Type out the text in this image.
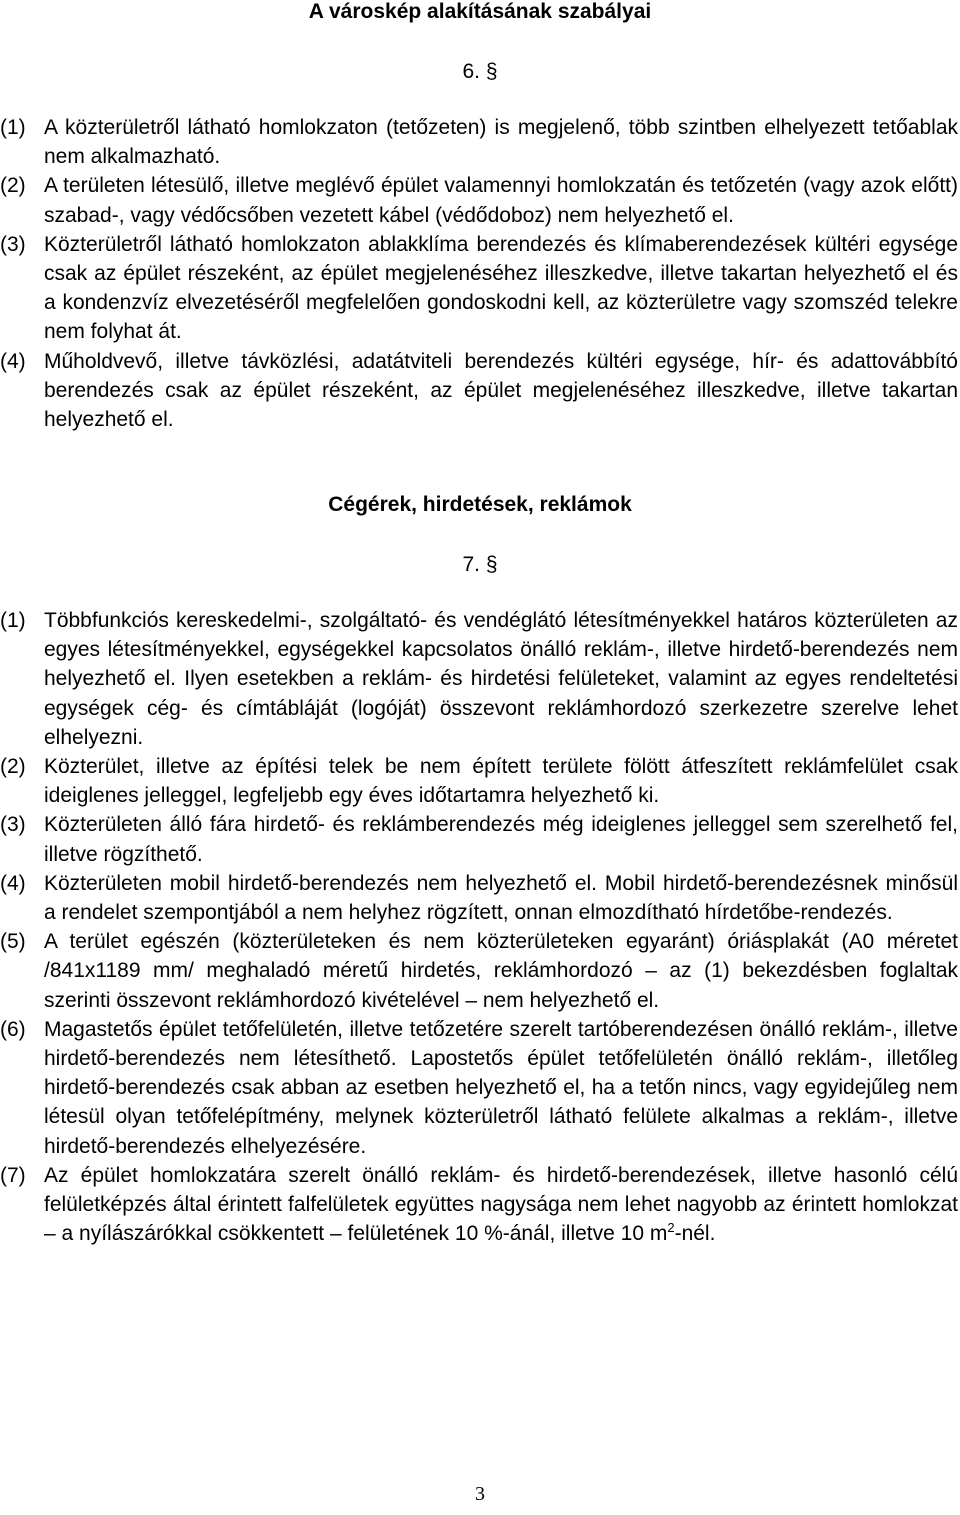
A városkép alakításának szabályai
6. §
(1) A közterületről látható homlokzaton (tetőzeten) is megjelenő, több szintben elhelyezett tetőablak nem alkalmazható.
(2) A területen létesülő, illetve meglévő épület valamennyi homlokzatán és tetőzetén (vagy azok előtt) szabad-, vagy védőcsőben vezetett kábel (védődoboz) nem helyezhető el.
(3) Közterületről látható homlokzaton ablakklíma berendezés és klímaberendezések kültéri egysége csak az épület részeként, az épület megjelenéséhez illeszkedve, illetve takartan helyezhető el és a kondenzvíz elvezetéséről megfelelően gondoskodni kell, az közterületre vagy szomszéd telekre nem folyhat át.
(4) Műholdvevő, illetve távközlési, adatátviteli berendezés kültéri egysége, hír- és adattovábbító berendezés csak az épület részeként, az épület megjelenéséhez illeszkedve, illetve takartan helyezhető el.
Cégérek, hirdetések, reklámok
7. §
(1) Többfunkciós kereskedelmi-, szolgáltató- és vendéglátó létesítményekkel határos közterületen az egyes létesítményekkel, egységekkel kapcsolatos önálló reklám-, illetve hirdető-berendezés nem helyezhető el. Ilyen esetekben a reklám- és hirdetési felületeket, valamint az egyes rendeltetési egységek cég- és címtábláját (logóját) összevont reklámhordozó szerkezetre szerelve lehet elhelyezni.
(2) Közterület, illetve az építési telek be nem épített területe fölött átfeszített reklámfelület csak ideiglenes jelleggel, legfeljebb egy éves időtartamra helyezhető ki.
(3) Közterületen álló fára hirdető- és reklámberendezés még ideiglenes jelleggel sem szerelhető fel, illetve rögzíthető.
(4) Közterületen mobil hirdető-berendezés nem helyezhető el. Mobil hirdető-berendezésnek minősül a rendelet szempontjából a nem helyhez rögzített, onnan elmozdítható hírdetőbe-rendezés.
(5) A terület egészén (közterületeken és nem közterületeken egyaránt) óriásplakát (A0 méretet /841x1189 mm/ meghaladó méretű hirdetés, reklámhordozó – az (1) bekezdésben foglaltak szerinti összevont reklámhordozó kivételével – nem helyezhető el.
(6) Magastetős épület tetőfelületén, illetve tetőzetére szerelt tartóberendezésen önálló reklám-, illetve hirdető-berendezés nem létesíthető. Lapostetős épület tetőfelületén önálló reklám-, illetőleg hirdető-berendezés csak abban az esetben helyezhető el, ha a tetőn nincs, vagy egyidejűleg nem létesül olyan tetőfelépítmény, melynek közterületről látható felülete alkalmas a reklám-, illetve hirdető-berendezés elhelyezésére.
(7) Az épület homlokzatára szerelt önálló reklám- és hirdető-berendezések, illetve hasonló célú felületképzés által érintett falfelületek együttes nagysága nem lehet nagyobb az érintett homlokzat – a nyílászárókkal csökkentett – felületének 10 %-ánál, illetve 10 $m^2$-nél.
3
